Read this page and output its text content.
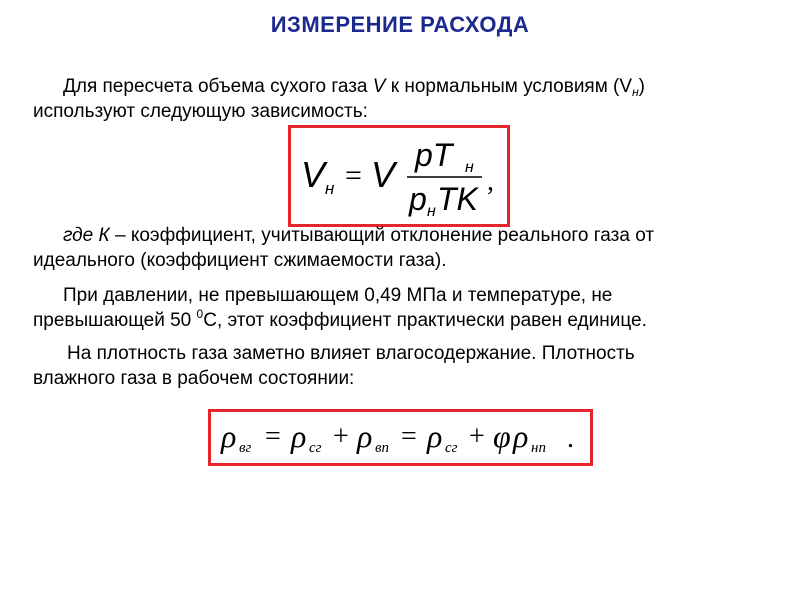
ИЗМЕРЕНИЕ РАСХОДА
Для пересчета объема сухого газа V к нормальным условиям $(V_н)$
используют следующую зависимость:
V н = V pT н
p н TK ,
где К – коэффициент, учитывающий отклонение реального газа от
идеального (коэффициент сжимаемости газа).
При давлении, не превышающем 0,49 МПа и температуре, не
превышающей 50 $^0$С, этот коэффициент практически равен единице.
На плотность газа заметно влияет влагосодержание. Плотность
влажного газа в рабочем состоянии:
ρ вг = ρ сг + ρ вп = ρ сг + φ ρ нп .
